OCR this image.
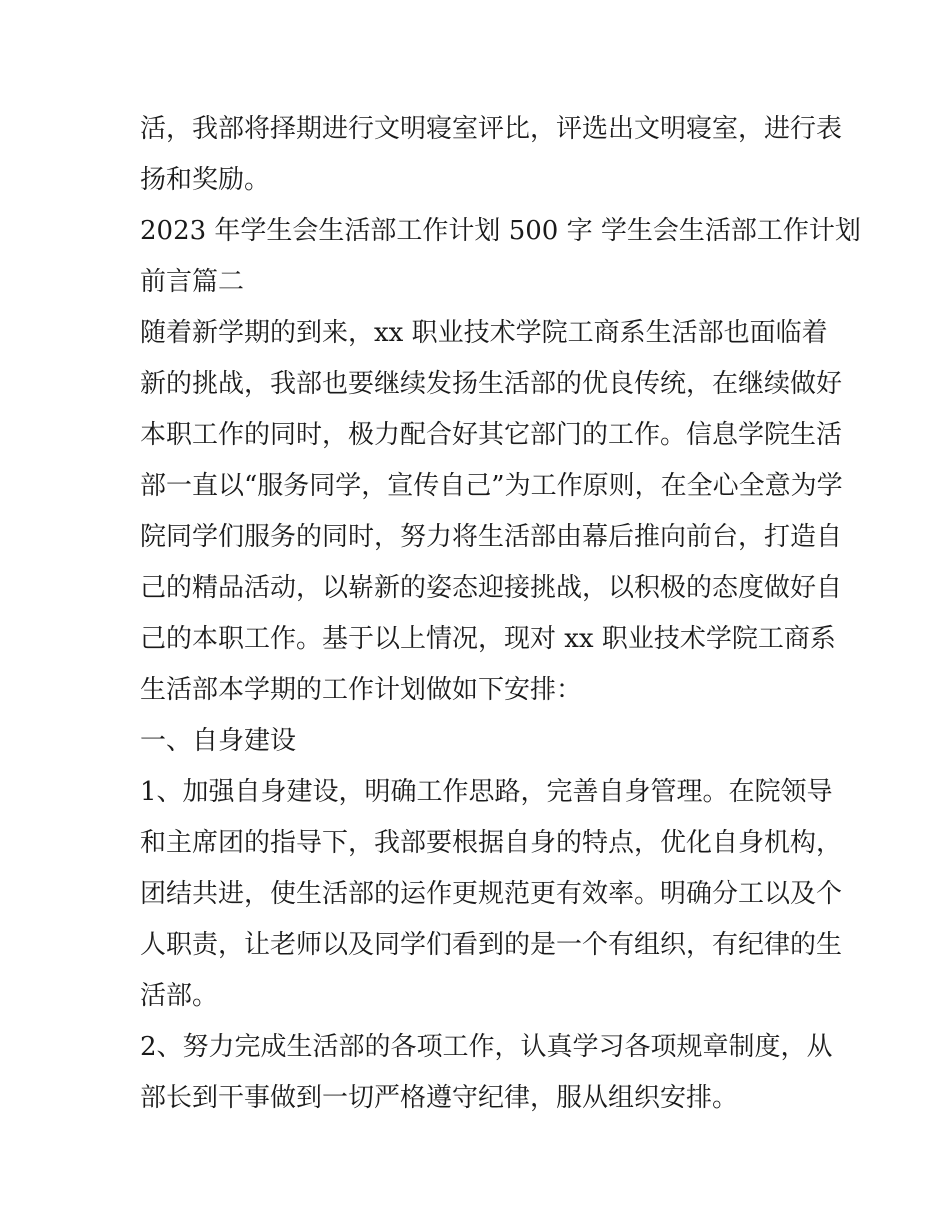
活，我部将择期进行文明寝室评比，评选出文明寝室，进行表
扬和奖励。
2023 年学生会生活部工作计划 500 字 学生会生活部工作计划
前言篇二
随着新学期的到来，xx 职业技术学院工商系生活部也面临着
新的挑战，我部也要继续发扬生活部的优良传统，在继续做好
本职工作的同时，极力配合好其它部门的工作。信息学院生活
部一直以“服务同学，宣传自己”为工作原则，在全心全意为学
院同学们服务的同时，努力将生活部由幕后推向前台，打造自
己的精品活动，以崭新的姿态迎接挑战，以积极的态度做好自
己的本职工作。基于以上情况，现对 xx 职业技术学院工商系
生活部本学期的工作计划做如下安排：
一、自身建设
1、加强自身建设，明确工作思路，完善自身管理。在院领导
和主席团的指导下，我部要根据自身的特点，优化自身机构，
团结共进，使生活部的运作更规范更有效率。明确分工以及个
人职责，让老师以及同学们看到的是一个有组织，有纪律的生
活部。
2、努力完成生活部的各项工作，认真学习各项规章制度，从
部长到干事做到一切严格遵守纪律，服从组织安排。
